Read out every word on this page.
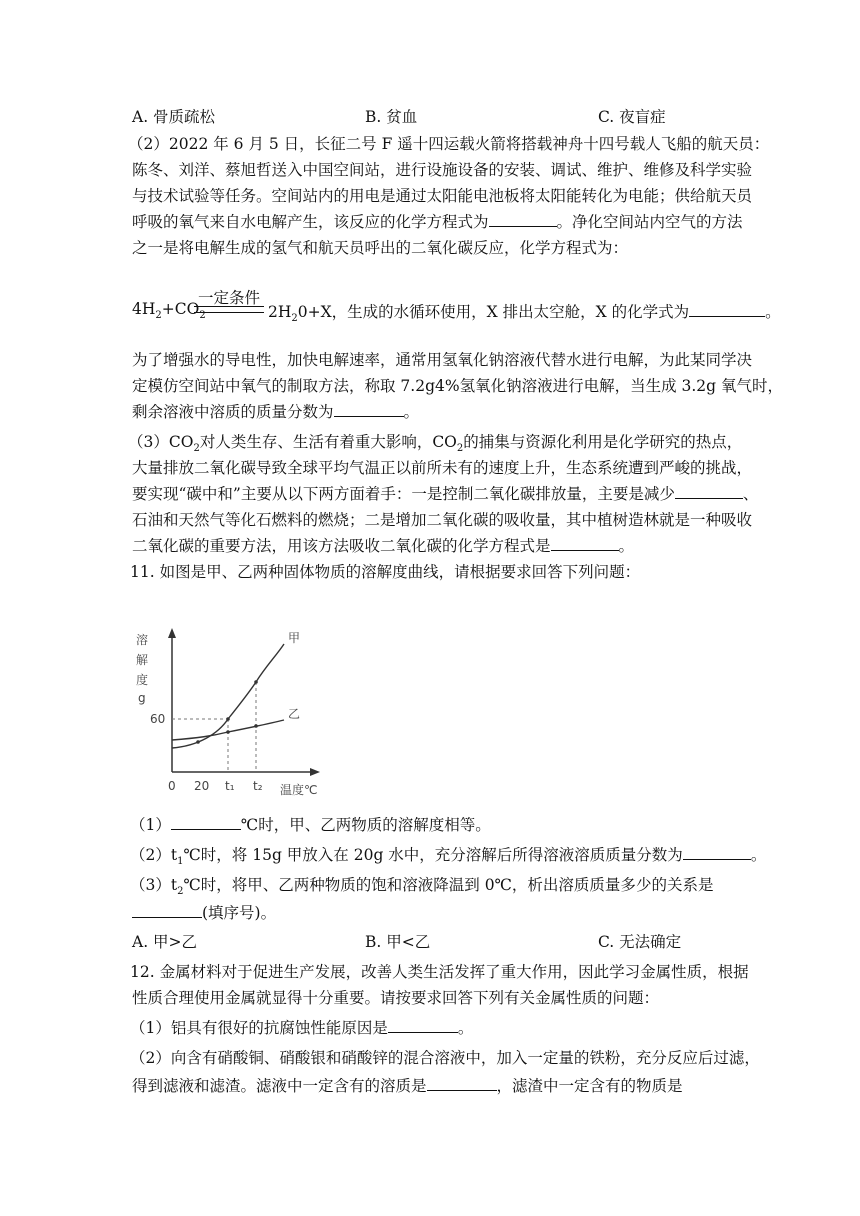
A. 骨质疏松	B. 贫血	C. 夜盲症
（2）2022 年 6 月 5 日，长征二号 F 遥十四运载火箭将搭载神舟十四号载人飞船的航天员：
陈冬、刘洋、蔡旭哲送入中国空间站，进行设施设备的安装、调试、维护、维修及科学实验
与技术试验等任务。空间站内的用电是通过太阳能电池板将太阳能转化为电能；供给航天员
呼吸的氧气来自水电解产生，该反应的化学方程式为	。净化空间站内空气的方法
之一是将电解生成的氢气和航天员呼出的二氧化碳反应，化学方程式为：
$4H_2+CO_2$
一定条件
$2H_20+X$，生成的水循环使用，X 排出太空舱，X 的化学式为	。
为了增强水的导电性，加快电解速率，通常用氢氧化钠溶液代替水进行电解，为此某同学决
定模仿空间站中氧气的制取方法，称取 7.2g4%氢氧化钠溶液进行电解，当生成 3.2g 氧气时，
剩余溶液中溶质的质量分数为	。
$(3)CO_2$对人类生存、生活有着重大影响，$CO_2$的捕集与资源化利用是化学研究的热点，
大量排放二氧化碳导致全球平均气温正以前所未有的速度上升，生态系统遭到严峻的挑战，
要实现“碳中和”主要从以下两方面着手：一是控制二氧化碳排放量，主要是减少	、
石油和天然气等化石燃料的燃烧；二是增加二氧化碳的吸收量，其中植树造林就是一种吸收
二氧化碳的重要方法，用该方法吸收二氧化碳的化学方程式是	。
11. 如图是甲、乙两种固体物质的溶解度曲线，请根据要求回答下列问题：
溶
解
度
g
0 20 t₁ t₂ 温度℃
60
甲
乙
（1）	℃时，甲、乙两物质的溶解度相等。
$(2)t_1℃$时，将 15g 甲放入在 20g 水中，充分溶解后所得溶液溶质质量分数为	。
$(3)t_2℃$时，将甲、乙两种物质的饱和溶液降温到 0℃，析出溶质质量多少的关系是
(填序号)。
A. 甲>乙	B. 甲<乙	C. 无法确定
12. 金属材料对于促进生产发展，改善人类生活发挥了重大作用，因此学习金属性质，根据
性质合理使用金属就显得十分重要。请按要求回答下列有关金属性质的问题：
（1）铝具有很好的抗腐蚀性能原因是	。
（2）向含有硝酸铜、硝酸银和硝酸锌的混合溶液中，加入一定量的铁粉，充分反应后过滤，
得到滤液和滤渣。滤液中一定含有的溶质是	，滤渣中一定含有的物质是
